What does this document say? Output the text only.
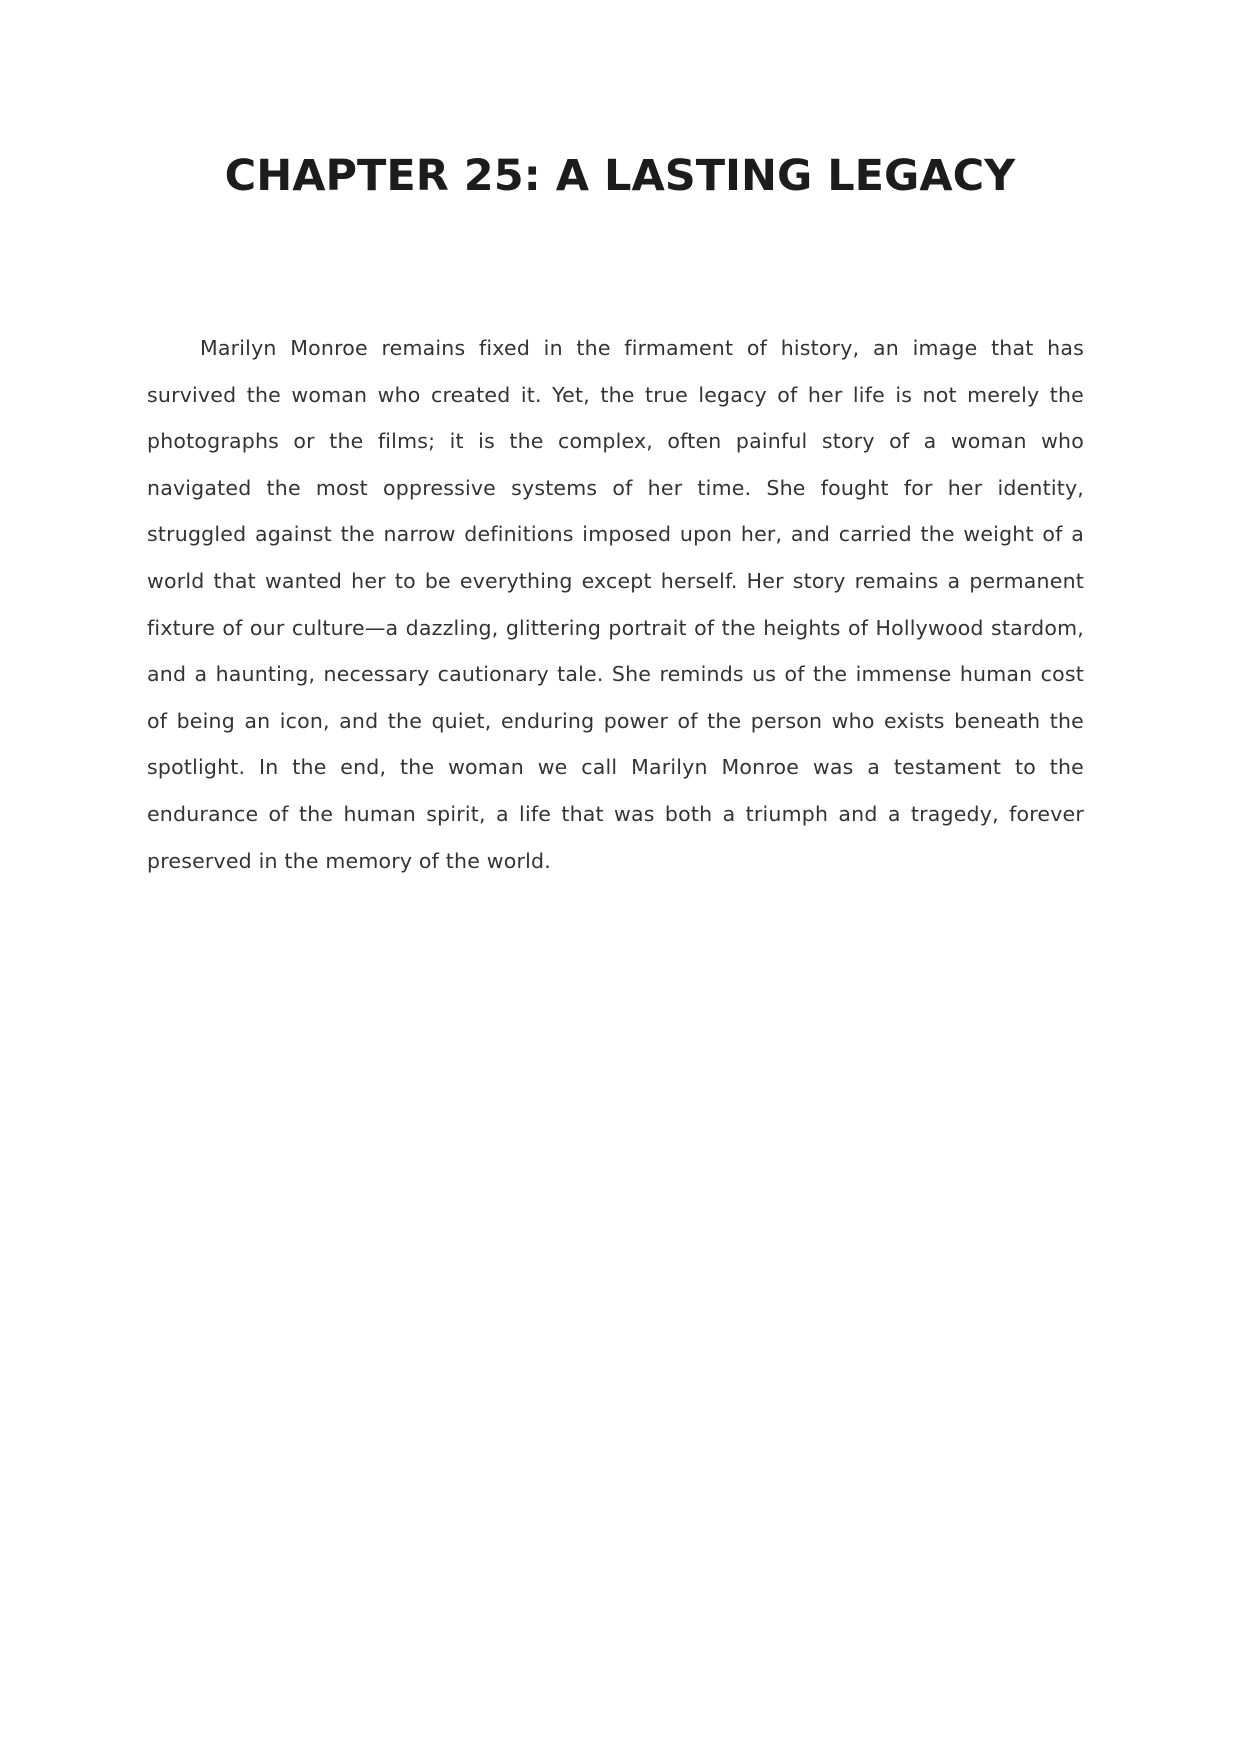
CHAPTER 25: A LASTING LEGACY

Marilyn Monroe remains fixed in the firmament of history, an image that has survived the woman who created it. Yet, the true legacy of her life is not merely the photographs or the films; it is the complex, often painful story of a woman who navigated the most oppressive systems of her time. She fought for her identity, struggled against the narrow definitions imposed upon her, and carried the weight of a world that wanted her to be everything except herself. Her story remains a permanent fixture of our culture—a dazzling, glittering portrait of the heights of Hollywood stardom, and a haunting, necessary cautionary tale. She reminds us of the immense human cost of being an icon, and the quiet, enduring power of the person who exists beneath the spotlight. In the end, the woman we call Marilyn Monroe was a testament to the endurance of the human spirit, a life that was both a triumph and a tragedy, forever preserved in the memory of the world.
